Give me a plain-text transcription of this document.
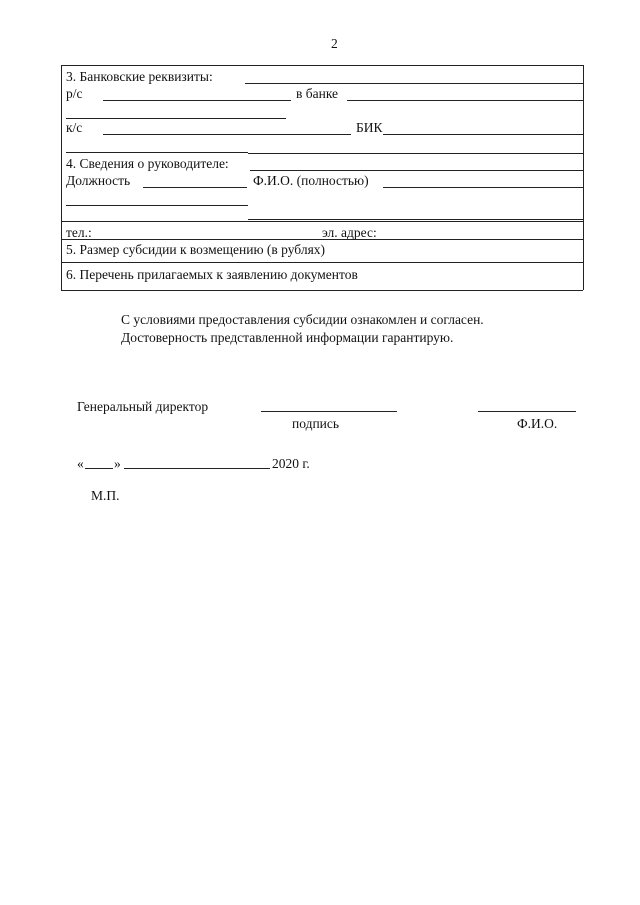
2
3. Банковские реквизиты:
р/с	в банке
к/с	БИК
4. Сведения о руководителе:
Должность	Ф.И.О. (полностью)
тел.:	эл. адрес:
5. Размер субсидии к возмещению (в рублях)
6. Перечень прилагаемых к заявлению документов
С условиями предоставления субсидии ознакомлен и согласен.
Достоверность представленной информации гарантирую.
Генеральный директор
подпись	Ф.И.О.
« »	2020 г.
М.П.
